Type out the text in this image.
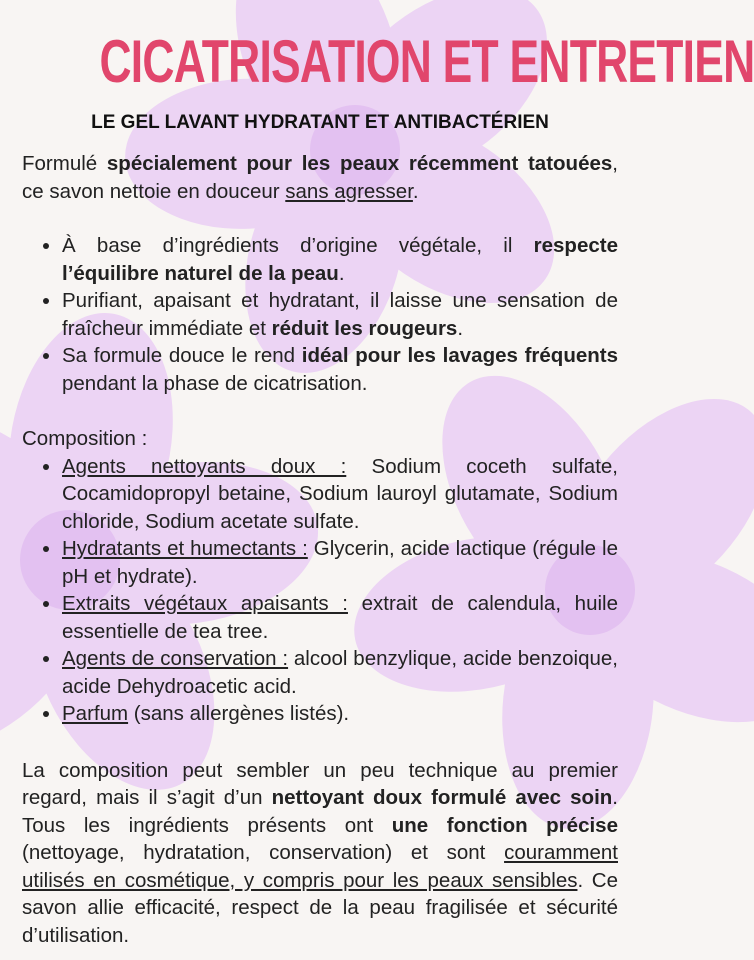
CICATRISATION ET ENTRETIEN
LE GEL LAVANT HYDRATANT ET ANTIBACTÉRIEN

Formulé spécialement pour les peaux récemment tatouées, ce savon nettoie en douceur sans agresser.

• À base d’ingrédients d’origine végétale, il respecte l’équilibre naturel de la peau.
• Purifiant, apaisant et hydratant, il laisse une sensation de fraîcheur immédiate et réduit les rougeurs.
• Sa formule douce le rend idéal pour les lavages fréquents pendant la phase de cicatrisation.

Composition :

• Agents nettoyants doux : Sodium coceth sulfate, Cocamidopropyl betaine, Sodium lauroyl glutamate, Sodium chloride, Sodium acetate sulfate.
• Hydratants et humectants : Glycerin, acide lactique (régule le pH et hydrate).
• Extraits végétaux apaisants : extrait de calendula, huile essentielle de tea tree.
• Agents de conservation : alcool benzylique, acide benzoique, acide Dehydroacetic acid.
• Parfum (sans allergènes listés).

La composition peut sembler un peu technique au premier regard, mais il s’agit d’un nettoyant doux formulé avec soin. Tous les ingrédients présents ont une fonction précise (nettoyage, hydratation, conservation) et sont couramment utilisés en cosmétique, y compris pour les peaux sensibles. Ce savon allie efficacité, respect de la peau fragilisée et sécurité d’utilisation.
